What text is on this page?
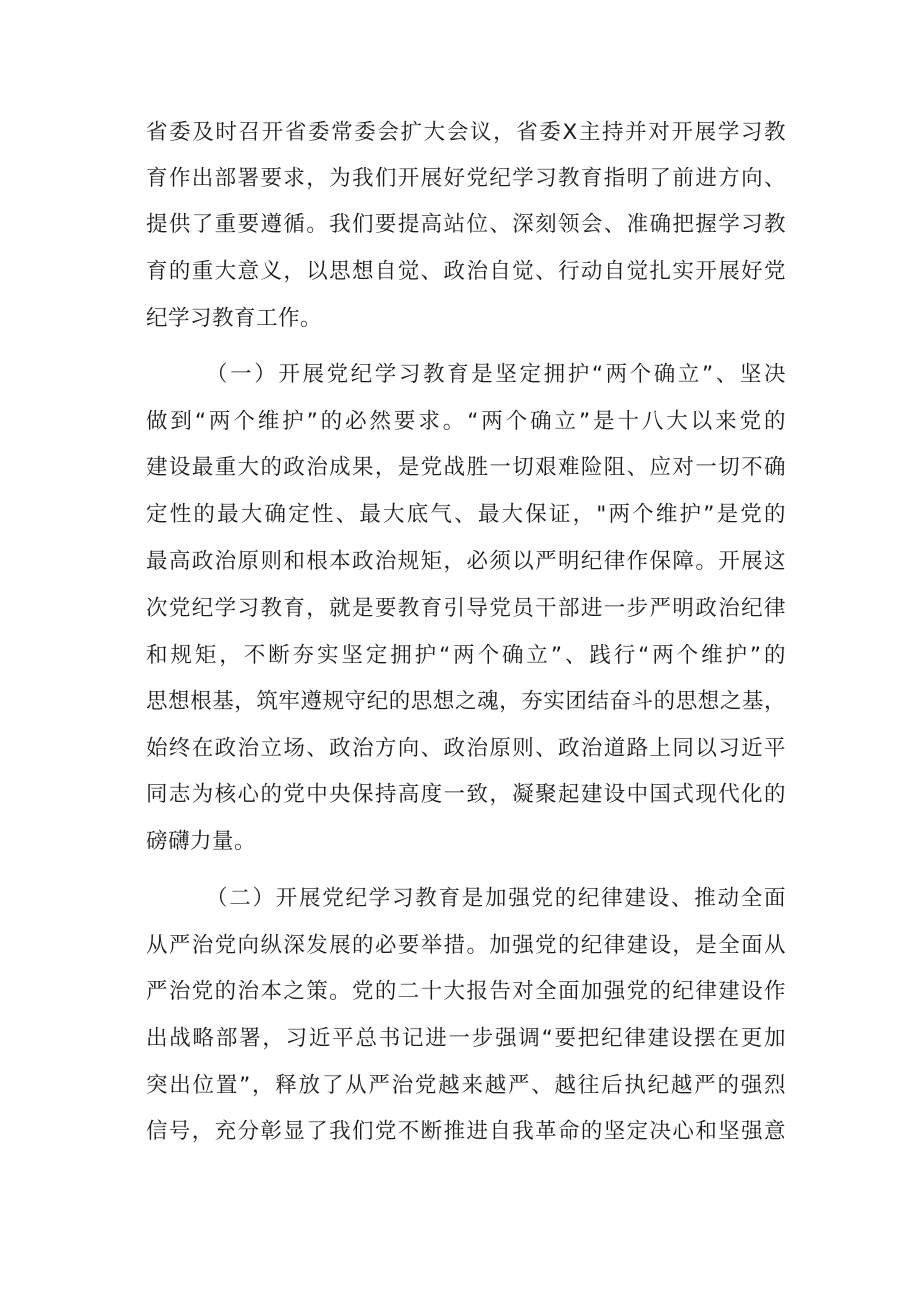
省委及时召开省委常委会扩大会议，省委X主持并对开展学习教
育作出部署要求，为我们开展好党纪学习教育指明了前进方向、
提供了重要遵循。我们要提高站位、深刻领会、准确把握学习教
育的重大意义，以思想自觉、政治自觉、行动自觉扎实开展好党
纪学习教育工作。
（一）开展党纪学习教育是坚定拥护“两个确立”、坚决
做到“两个维护”的必然要求。“两个确立”是十八大以来党的
建设最重大的政治成果，是党战胜一切艰难险阻、应对一切不确
定性的最大确定性、最大底气、最大保证，"两个维护”是党的
最高政治原则和根本政治规矩，必须以严明纪律作保障。开展这
次党纪学习教育，就是要教育引导党员干部进一步严明政治纪律
和规矩，不断夯实坚定拥护“两个确立”、践行“两个维护”的
思想根基，筑牢遵规守纪的思想之魂，夯实团结奋斗的思想之基，
始终在政治立场、政治方向、政治原则、政治道路上同以习近平
同志为核心的党中央保持高度一致，凝聚起建设中国式现代化的
磅礴力量。
（二）开展党纪学习教育是加强党的纪律建设、推动全面
从严治党向纵深发展的必要举措。加强党的纪律建设，是全面从
严治党的治本之策。党的二十大报告对全面加强党的纪律建设作
出战略部署，习近平总书记进一步强调“要把纪律建设摆在更加
突出位置”，释放了从严治党越来越严、越往后执纪越严的强烈
信号，充分彰显了我们党不断推进自我革命的坚定决心和坚强意
